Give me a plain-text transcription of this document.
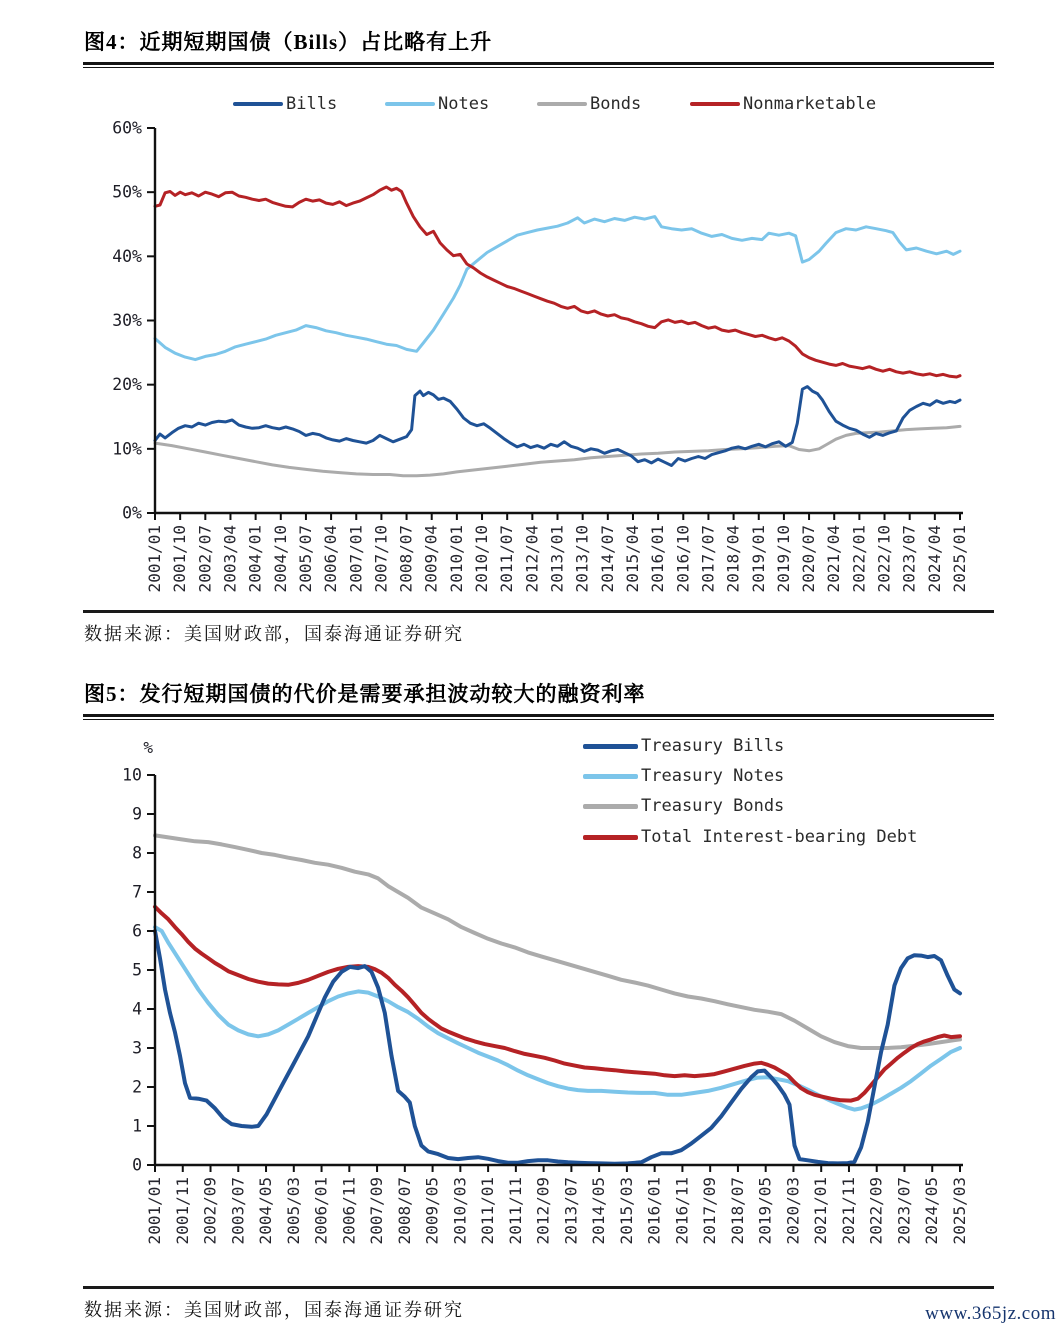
图4：近期短期国债（Bills）占比略有上升
0%
10%
20%
30%
40%
50%
60%
2001/01 2001/10 2002/07 2003/04 2004/01 2004/10 2005/07 2006/04 2007/01 2007/10 2008/07 2009/04 2010/01 2010/10 2011/07 2012/04 2013/01 2013/10 2014/07 2015/04 2016/01 2016/10 2017/07 2018/04 2019/01 2019/10 2020/07 2021/04 2022/01 2022/10 2023/07 2024/04 2025/01
Bills	Notes	Bonds	Nonmarketable
数据来源：美国财政部，国泰海通证券研究
图5：发行短期国债的代价是需要承担波动较大的融资利率
0
1
2
3
4
5
6
7
8
9
10
2001/01 2001/11 2002/09 2003/07 2004/05 2005/03 2006/01 2006/11 2007/09 2008/07 2009/05 2010/03 2011/01 2011/11 2012/09 2013/07 2014/05 2015/03 2016/01 2016/11 2017/09 2018/07 2019/05 2020/03 2021/01 2021/11 2022/09 2023/07 2024/05 2025/03
%	Treasury Bills
Treasury Notes
Treasury Bonds
Total Interest-bearing Debt
数据来源：美国财政部，国泰海通证券研究	www.365jz.com
